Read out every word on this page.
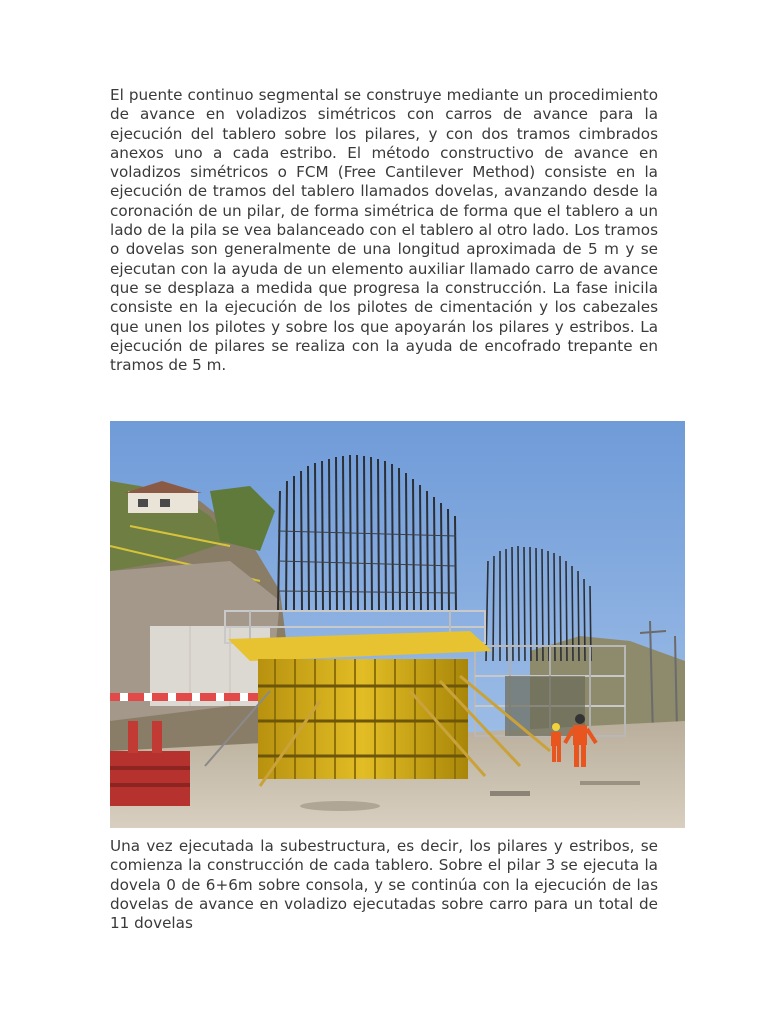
El puente continuo segmental se construye mediante un procedimiento de avance en voladizos simétricos con carros de avance para la ejecución del tablero sobre los pilares, y con dos tramos cimbrados anexos uno a cada estribo. El método constructivo de avance en voladizos simétricos o FCM (Free Cantilever Method) consiste en la ejecución de tramos del tablero llamados dovelas, avanzando desde la coronación de un pilar, de forma simétrica de forma que el tablero a un lado de la pila se vea balanceado con el tablero al otro lado. Los tramos o dovelas son generalmente de una longitud aproximada de 5 m y se ejecutan con la ayuda de un elemento auxiliar llamado carro de avance que se desplaza a medida que progresa la construcción. La fase inicila consiste en la ejecución de los pilotes de cimentación y los cabezales que unen los pilotes y sobre los que apoyarán los pilares y estribos. La ejecución de pilares se realiza con la ayuda de encofrado trepante en tramos de 5 m.

Una vez ejecutada la subestructura, es decir, los pilares y estribos, se comienza la construcción de cada tablero. Sobre el pilar 3 se ejecuta la dovela 0 de 6+6m sobre consola, y se continúa con la ejecución de las dovelas de avance en voladizo ejecutadas sobre carro para un total de 11 dovelas
